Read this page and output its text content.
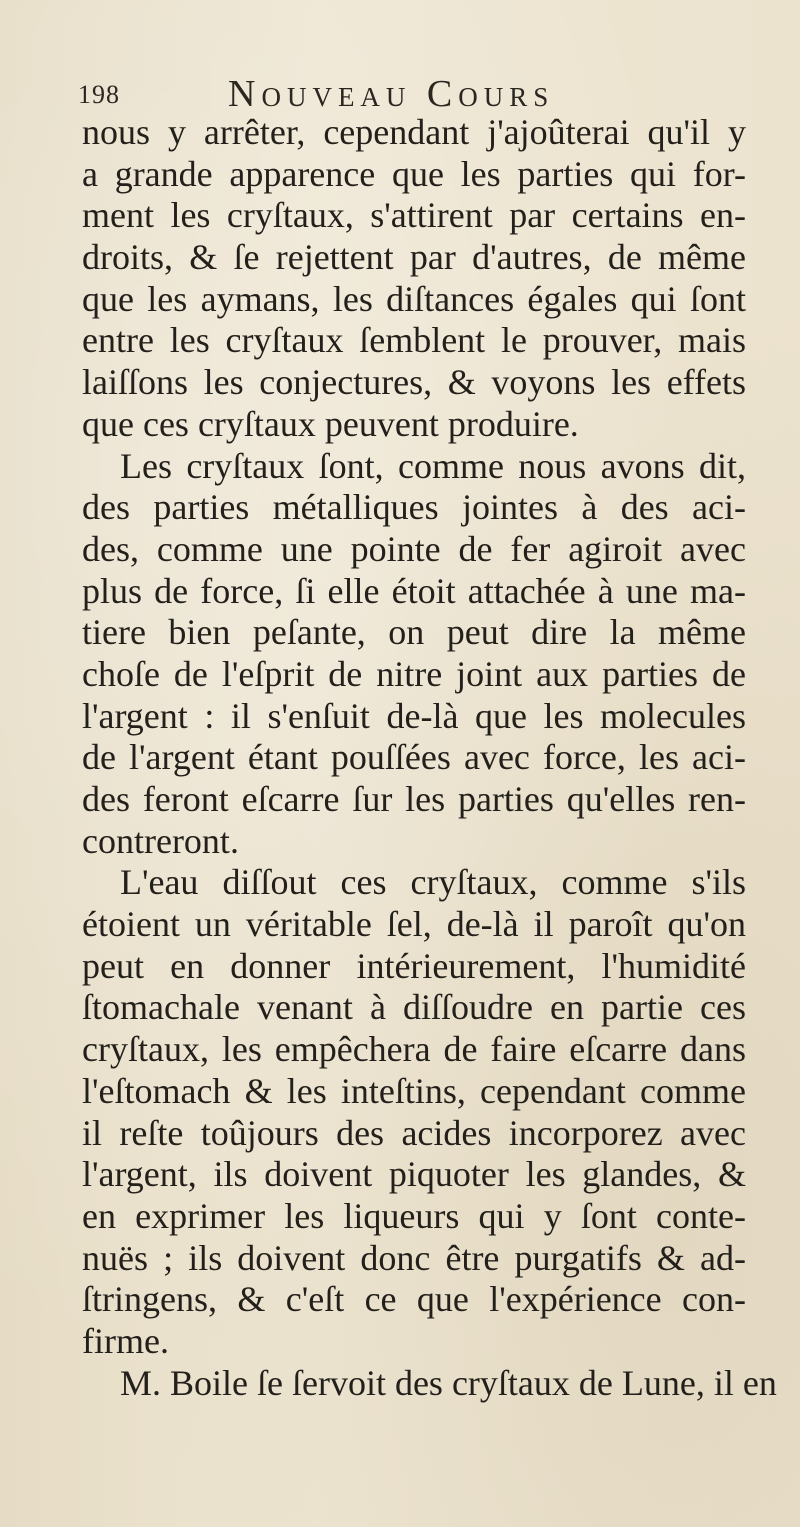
198	Nouveau Cours
nous y arrêter, cependant j'ajoûterai qu'il y
a grande apparence que les parties qui for-
ment les cryſtaux, s'attirent par certains en-
droits, & ſe rejettent par d'autres, de même
que les aymans, les diſtances égales qui ſont
entre les cryſtaux ſemblent le prouver, mais
laiſſons les conjectures, & voyons les effets
que ces cryſtaux peuvent produire.
Les cryſtaux ſont, comme nous avons dit,
des parties métalliques jointes à des aci-
des, comme une pointe de fer agiroit avec
plus de force, ſi elle étoit attachée à une ma-
tiere bien peſante, on peut dire la même
choſe de l'eſprit de nitre joint aux parties de
l'argent : il s'enſuit de-là que les molecules
de l'argent étant pouſſées avec force, les aci-
des feront eſcarre ſur les parties qu'elles ren-
contreront.
L'eau diſſout ces cryſtaux, comme s'ils
étoient un véritable ſel, de-là il paroît qu'on
peut en donner intérieurement, l'humidité
ſtomachale venant à diſſoudre en partie ces
cryſtaux, les empêchera de faire eſcarre dans
l'eſtomach & les inteſtins, cependant comme
il reſte toûjours des acides incorporez avec
l'argent, ils doivent piquoter les glandes, &
en exprimer les liqueurs qui y ſont conte-
nuës ; ils doivent donc être purgatifs & ad-
ſtringens, & c'eſt ce que l'expérience con-
firme.
M. Boile ſe ſervoit des cryſtaux de Lune, il en
